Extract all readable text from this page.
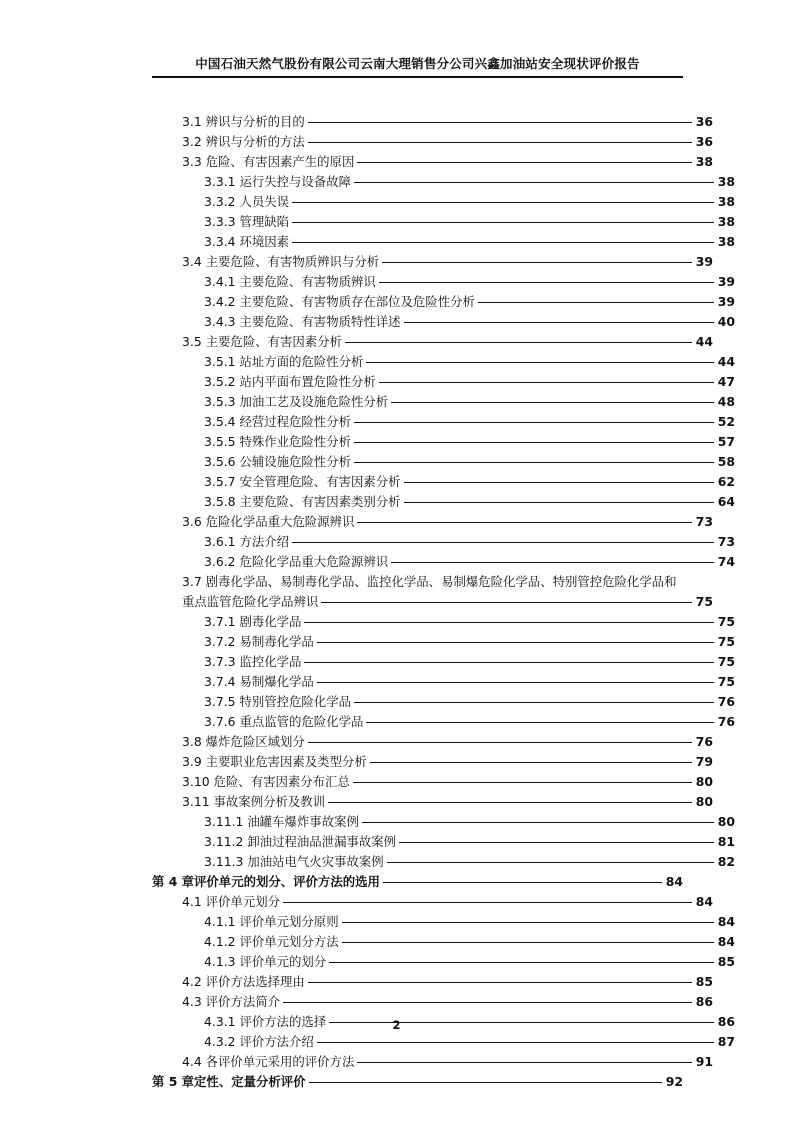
中国石油天然气股份有限公司云南大理销售分公司兴鑫加油站安全现状评价报告
3.1 辨识与分析的目的	36
3.2 辨识与分析的方法	36
3.3 危险、有害因素产生的原因	38
3.3.1 运行失控与设备故障	38
3.3.2 人员失误	38
3.3.3 管理缺陷	38
3.3.4 环境因素	38
3.4 主要危险、有害物质辨识与分析	39
3.4.1 主要危险、有害物质辨识	39
3.4.2 主要危险、有害物质存在部位及危险性分析	39
3.4.3 主要危险、有害物质特性详述	40
3.5 主要危险、有害因素分析	44
3.5.1 站址方面的危险性分析	44
3.5.2 站内平面布置危险性分析	47
3.5.3 加油工艺及设施危险性分析	48
3.5.4 经营过程危险性分析	52
3.5.5 特殊作业危险性分析	57
3.5.6 公辅设施危险性分析	58
3.5.7 安全管理危险、有害因素分析	62
3.5.8 主要危险、有害因素类别分析	64
3.6 危险化学品重大危险源辨识	73
3.6.1 方法介绍	73
3.6.2 危险化学品重大危险源辨识	74
3.7 剧毒化学品、易制毒化学品、监控化学品、易制爆危险化学品、特别管控危险化学品和
重点监管危险化学品辨识	75
3.7.1 剧毒化学品	75
3.7.2 易制毒化学品	75
3.7.3 监控化学品	75
3.7.4 易制爆化学品	75
3.7.5 特别管控危险化学品	76
3.7.6 重点监管的危险化学品	76
3.8 爆炸危险区域划分	76
3.9 主要职业危害因素及类型分析	79
3.10 危险、有害因素分布汇总	80
3.11 事故案例分析及教训	80
3.11.1 油罐车爆炸事故案例	80
3.11.2 卸油过程油品泄漏事故案例	81
3.11.3 加油站电气火灾事故案例	82
第 4 章评价单元的划分、评价方法的选用	84
4.1 评价单元划分	84
4.1.1 评价单元划分原则	84
4.1.2 评价单元划分方法	84
4.1.3 评价单元的划分	85
4.2 评价方法选择理由	85
4.3 评价方法简介	86
4.3.1 评价方法的选择	86
4.3.2 评价方法介绍	87
4.4 各评价单元采用的评价方法	91
第 5 章定性、定量分析评价	92
2
